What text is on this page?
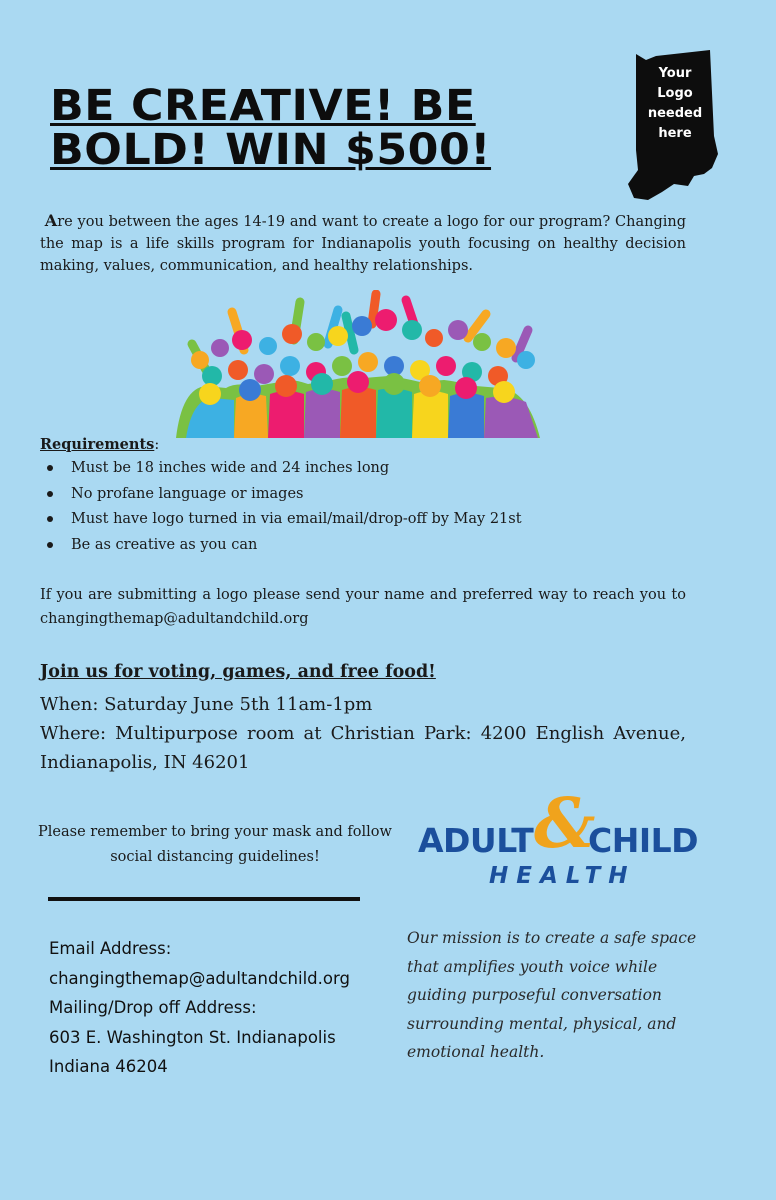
BE CREATIVE! BE BOLD! WIN $500!
Your
Logo
needed
here

Are you between the ages 14-19 and want to create a logo for our program? Changing the map is a life skills program for Indianapolis youth focusing on healthy decision making, values, communication, and healthy relationships.

Requirements:

Must be 18 inches wide and 24 inches long
No profane language or images
Must have logo turned in via email/mail/drop-off by May 21st
Be as creative as you can

If you are submitting a logo please send your name and preferred way to reach you to changingthemap@adultandchild.org

Join us for voting, games, and free food!

When: Saturday June 5th 11am-1pm

Where: Multipurpose room at Christian Park: 4200 English Avenue, Indianapolis, IN 46201

Please remember to bring your mask and follow social distancing guidelines!	ADULT &
CHILD
HEALTH

Email Address:

changingthemap@adultandchild.org

Mailing/Drop off Address:

603 E. Washington St. Indianapolis

Indiana 46204

Our mission is to create a safe space that amplifies youth voice while guiding purposeful conversation surrounding mental, physical, and emotional health.
